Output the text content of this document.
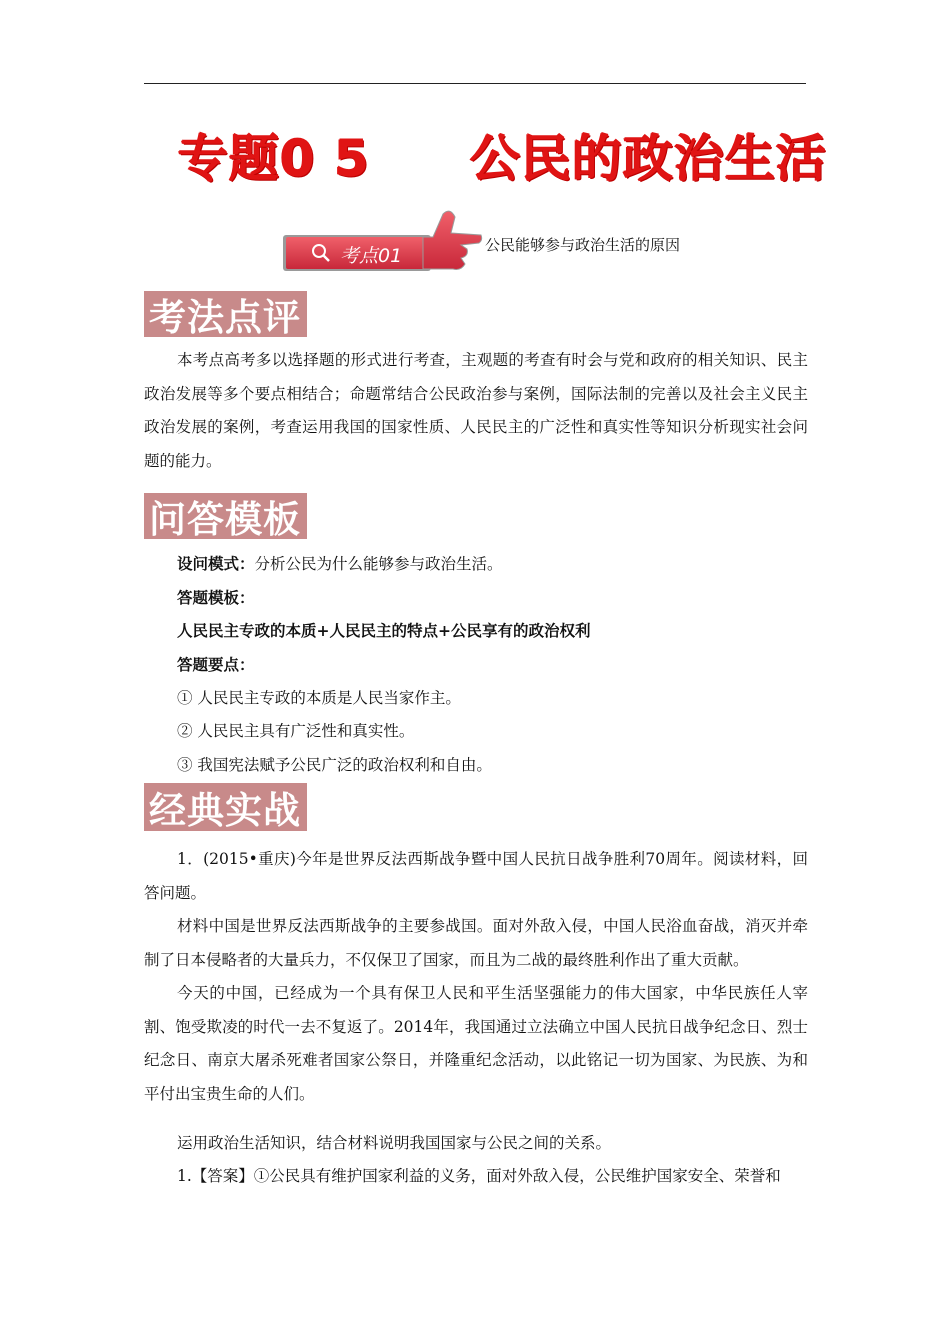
专题0 5 公民的政治生活
考点01	公民能够参与政治生活的原因
考法点评
本考点高考多以选择题的形式进行考查，主观题的考查有时会与党和政府的相关知识、民主政治发展等多个要点相结合；命题常结合公民政治参与案例，国际法制的完善以及社会主义民主政治发展的案例，考查运用我国的国家性质、人民民主的广泛性和真实性等知识分析现实社会问题的能力。
问答模板
设问模式：分析公民为什么能够参与政治生活。
答题模板：
人民民主专政的本质+人民民主的特点+公民享有的政治权利
答题要点：
① 人民民主专政的本质是人民当家作主。
② 人民民主具有广泛性和真实性。
③ 我国宪法赋予公民广泛的政治权利和自由。
经典实战
1．(2015•重庆)今年是世界反法西斯战争暨中国人民抗日战争胜利70周年。阅读材料，回答问题。
材料中国是世界反法西斯战争的主要参战国。面对外敌入侵，中国人民浴血奋战，消灭并牵制了日本侵略者的大量兵力，不仅保卫了国家，而且为二战的最终胜利作出了重大贡献。
今天的中国，已经成为一个具有保卫人民和平生活坚强能力的伟大国家，中华民族任人宰割、饱受欺凌的时代一去不复返了。2014年，我国通过立法确立中国人民抗日战争纪念日、烈士纪念日、南京大屠杀死难者国家公祭日，并隆重纪念活动，以此铭记一切为国家、为民族、为和平付出宝贵生命的人们。
运用政治生活知识，结合材料说明我国国家与公民之间的关系。
1.【答案】①公民具有维护国家利益的义务，面对外敌入侵，公民维护国家安全、荣誉和
